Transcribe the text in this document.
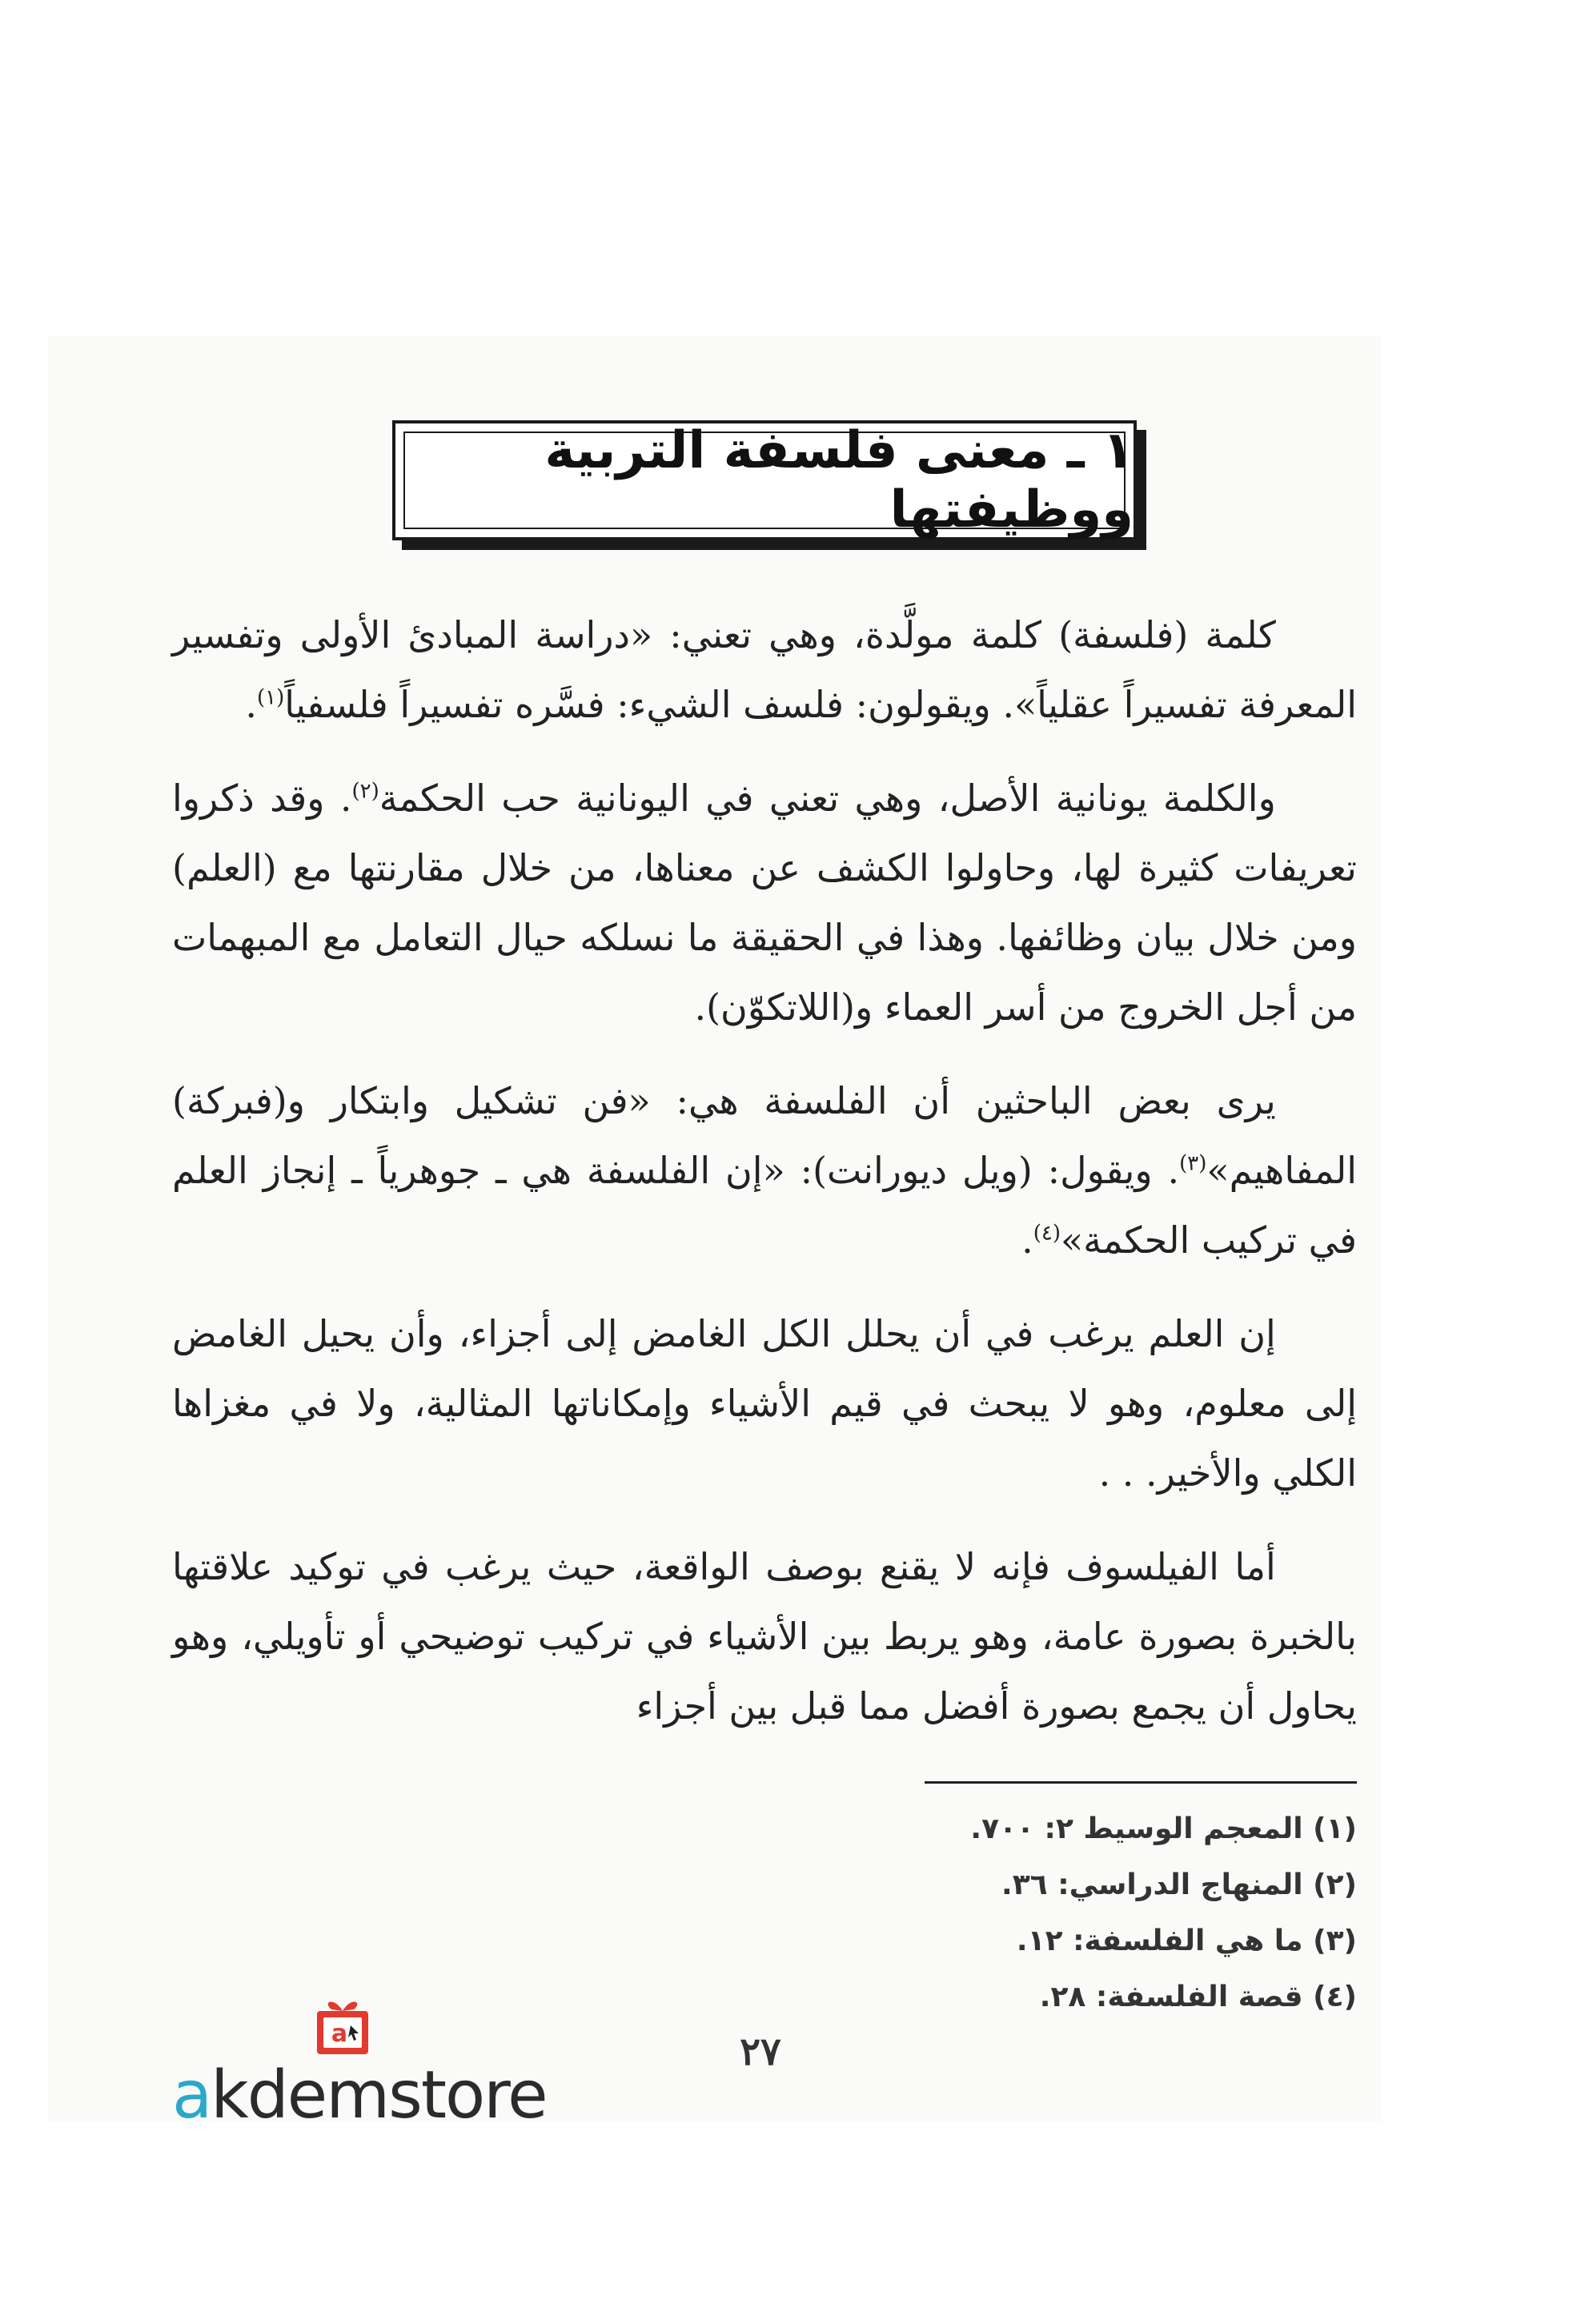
١ ـ معنى فلسفة التربية ووظيفتها

كلمة (فلسفة) كلمة مولَّدة، وهي تعني: «دراسة المبادئ الأولى وتفسير المعرفة تفسيراً عقلياً». ويقولون: فلسف الشيء: فسَّره تفسيراً فلسفياً$^{(١)}$.

والكلمة يونانية الأصل، وهي تعني في اليونانية حب الحكمة$^{(٢)}$. وقد ذكروا تعريفات كثيرة لها، وحاولوا الكشف عن معناها، من خلال مقارنتها مع (العلم) ومن خلال بيان وظائفها. وهذا في الحقيقة ما نسلكه حيال التعامل مع المبهمات من أجل الخروج من أسر العماء و(اللاتكوّن).

يرى بعض الباحثين أن الفلسفة هي: «فن تشكيل وابتكار و(فبركة) المفاهيم»$^{(٣)}$. ويقول: (ويل ديورانت): «إن الفلسفة هي ـ جوهرياً ـ إنجاز العلم في تركيب الحكمة»$^{(٤)}$.

إن العلم يرغب في أن يحلل الكل الغامض إلى أجزاء، وأن يحيل الغامض إلى معلوم، وهو لا يبحث في قيم الأشياء وإمكاناتها المثالية، ولا في مغزاها الكلي والأخير. . .

أما الفيلسوف فإنه لا يقنع بوصف الواقعة، حيث يرغب في توكيد علاقتها بالخبرة بصورة عامة، وهو يربط بين الأشياء في تركيب توضيحي أو تأويلي، وهو يحاول أن يجمع بصورة أفضل مما قبل بين أجزاء

(١) المعجم الوسيط ٢: ٧٠٠.
(٢) المنهاج الدراسي: ٣٦.
(٣) ما هي الفلسفة: ١٢.
(٤) قصة الفلسفة: ٢٨.
٢٧
a
akdemstore
